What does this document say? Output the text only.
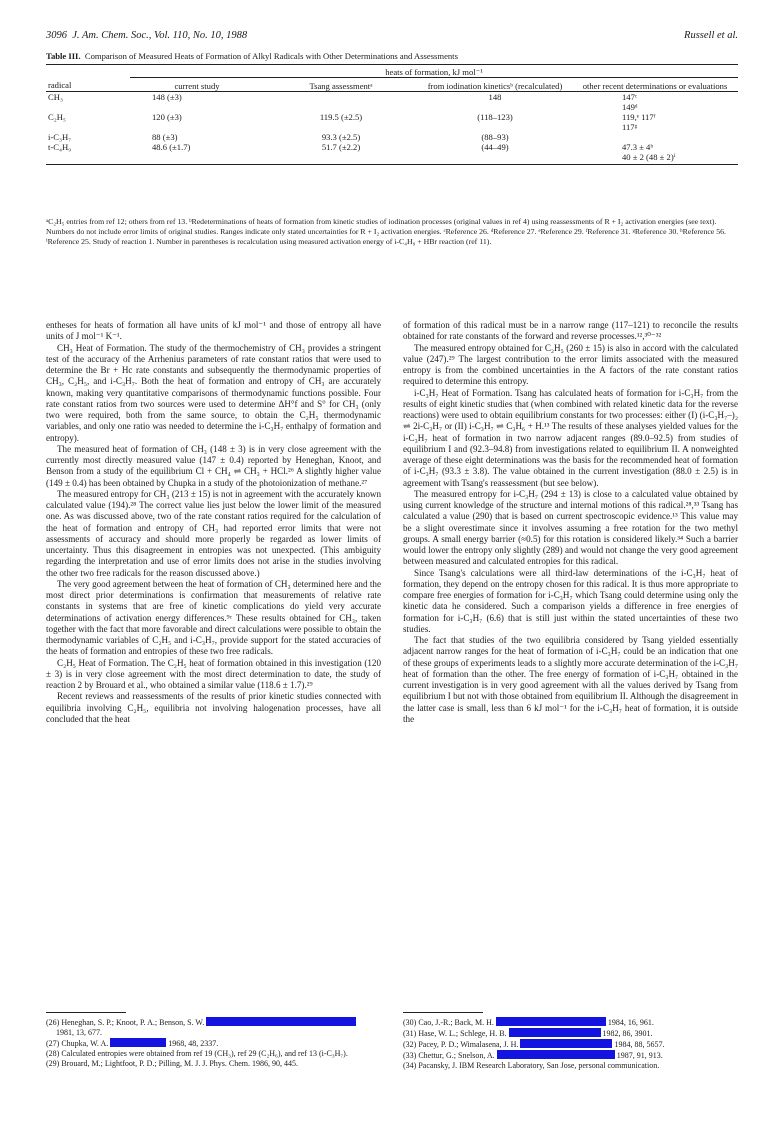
3096 J. Am. Chem. Soc., Vol. 110, No. 10, 1988	Russell et al.
Table III. Comparison of Measured Heats of Formation of Alkyl Radicals with Other Determinations and Assessments
	heats of formation, kJ mol⁻¹			
radical	current study	Tsang assessmentᵃ	from iodination kineticsᵇ (recalculated)	other recent determinations or evaluations
CH₃	148 (±3)		148	147ᶜ
149ᵈ
C₂H₅	120 (±3)	119.5 (±2.5)	(118–123)	119,ᵉ 117ᶠ
117ᵍ
i-C₃H₇	88 (±3)	93.3 (±2.5)	(88–93)	
t-C₄H₉	48.6 (±1.7)	51.7 (±2.2)	(44–49)	47.3 ± 4ʰ
40 ± 2 (48 ± 2)ⁱ
ᵃC₂H₅ entries from ref 12; others from ref 13. ᵇRedeterminations of heats of formation from kinetic studies of iodination processes (original values in ref 4) using reassessments of R + I₂ activation energies (see text). Numbers do not include error limits of original studies. Ranges indicate only stated uncertainties for R + I₂ activation energies. ᶜReference 26. ᵈReference 27. ᵉReference 29. ᶠReference 31. ᵍReference 30. ʰReference 56. ⁱReference 25. Study of reaction 1. Number in parentheses is recalculation using measured activation energy of i-C₄H₉ + HBr reaction (ref 11).

entheses for heats of formation all have units of kJ mol⁻¹ and those of entropy all have units of J mol⁻¹ K⁻¹.

CH₃ Heat of Formation. The study of the thermochemistry of CH₃ provides a stringent test of the accuracy of the Arrhenius parameters of rate constant ratios that were used to determine the Br + Hc rate constants and subsequently the thermodynamic properties of CH₃, C₂H₅, and i-C₃H₇. Both the heat of formation and entropy of CH₃ are accurately known, making very quantitative comparisons of thermodynamic functions possible. Four rate constant ratios from two sources were used to determine ΔH°f and S° for CH₃ (only two were required, both from the same source, to obtain the C₂H₅ thermodynamic variables, and only one ratio was needed to determine the i-C₃H₇ enthalpy of formation and entropy).

The measured heat of formation of CH₃ (148 ± 3) is in very close agreement with the currently most directly measured value (147 ± 0.4) reported by Heneghan, Knoot, and Benson from a study of the equilibrium Cl + CH₄ ⇌ CH₃ + HCl.²⁶ A slightly higher value (149 ± 0.4) has been obtained by Chupka in a study of the photoionization of methane.²⁷

The measured entropy for CH₃ (213 ± 15) is not in agreement with the accurately known calculated value (194).²⁸ The correct value lies just below the lower limit of the measured one. As was discussed above, two of the rate constant ratios required for the calculation of the heat of formation and entropy of CH₃ had reported error limits that were not assessments of accuracy and should more properly be regarded as lower limits of uncertainty. Thus this disagreement in entropies was not unexpected. (This ambiguity regarding the interpretation and use of error limits does not arise in the studies involving the other two free radicals for the reason discussed above.)

The very good agreement between the heat of formation of CH₃ determined here and the most direct prior determinations is confirmation that measurements of relative rate constants in systems that are free of kinetic complications do yield very accurate determinations of activation energy differences.⁹ᶜ These results obtained for CH₃, taken together with the fact that more favorable and direct calculations were possible to obtain the thermodynamic variables of C₂H₅ and i-C₃H₇, provide support for the stated accuracies of the heats of formation and entropies of these two free radicals.

C₂H₅ Heat of Formation. The C₂H₅ heat of formation obtained in this investigation (120 ± 3) is in very close agreement with the most direct determination to date, the study of reaction 2 by Brouard et al., who obtained a similar value (118.6 ± 1.7).²⁹

Recent reviews and reassessments of the results of prior kinetic studies connected with equilibria involving C₂H₅, equilibria not involving halogenation processes, have all concluded that the heat

of formation of this radical must be in a narrow range (117–121) to reconcile the results obtained for rate constants of the forward and reverse processes.¹²,³⁰⁻³²

The measured entropy obtained for C₂H₅ (260 ± 15) is also in accord with the calculated value (247).²⁹ The largest contribution to the error limits associated with the measured entropy is from the combined uncertainties in the A factors of the rate constant ratios required to determine this entropy.

i-C₃H₇ Heat of Formation. Tsang has calculated heats of formation for i-C₃H₇ from the results of eight kinetic studies that (when combined with related kinetic data for the reverse reactions) were used to obtain equilibrium constants for two processes: either (I) (i-C₃H₇–)₂ ⇌ 2i-C₃H₇ or (II) i-C₃H₇ ⇌ C₃H₆ + H.¹³ The results of these analyses yielded values for the i-C₃H₇ heat of formation in two narrow adjacent ranges (89.0–92.5) from studies of equilibrium I and (92.3–94.8) from investigations related to equilibrium II. A nonweighted average of these eight determinations was the basis for the recommended heat of formation of i-C₃H₇ (93.3 ± 3.8). The value obtained in the current investigation (88.0 ± 2.5) is in agreement with Tsang's reassessment (but see below).

The measured entropy for i-C₃H₇ (294 ± 13) is close to a calculated value obtained by using current knowledge of the structure and internal motions of this radical.²⁸,³³ Tsang has calculated a value (290) that is based on current spectroscopic evidence.¹³ This value may be a slight overestimate since it involves assuming a free rotation for the two methyl groups. A small energy barrier (≈0.5) for this rotation is considered likely.³⁴ Such a barrier would lower the entropy only slightly (289) and would not change the very good agreement between measured and calculated entropies for this radical.

Since Tsang's calculations were all third-law determinations of the i-C₃H₇ heat of formation, they depend on the entropy chosen for this radical. It is thus more appropriate to compare free energies of formation for i-C₃H₇ which Tsang could determine using only the kinetic data he considered. Such a comparison yields a difference in free energies of formation for i-C₃H₇ (6.6) that is still just within the stated uncertainties of these two studies.

The fact that studies of the two equilibria considered by Tsang yielded essentially adjacent narrow ranges for the heat of formation of i-C₃H₇ could be an indication that one of these groups of experiments leads to a slightly more accurate determination of the i-C₃H₇ heat of formation than the other. The free energy of formation of i-C₃H₇ obtained in the current investigation is in very good agreement with all the values derived by Tsang from equilibrium I but not with those obtained from equilibrium II. Although the disagreement in the latter case is small, less than 6 kJ mol⁻¹ for the i-C₃H₇ heat of formation, it is outside the

(26) Heneghan, S. P.; Knoot, P. A.; Benson, S. W.
1981, 13, 677.

(27) Chupka, W. A.	1968, 48, 2337.

(28) Calculated entropies were obtained from ref 19 (CH₃), ref 29 (C₂H₆), and ref 13 (i-C₃H₇).

(29) Brouard, M.; Lightfoot, P. D.; Pilling, M. J. J. Phys. Chem. 1986, 90, 445.

(30) Cao, J.-R.; Back, M. H.	1984, 16, 961.

(31) Hase, W. L.; Schlege, H. B.	1982, 86, 3901.

(32) Pacey, P. D.; Wimalasena, J. H.	1984, 88, 5657.

(33) Chettur, G.; Snelson, A.	1987, 91, 913.

(34) Pacansky, J. IBM Research Laboratory, San Jose, personal communication.
